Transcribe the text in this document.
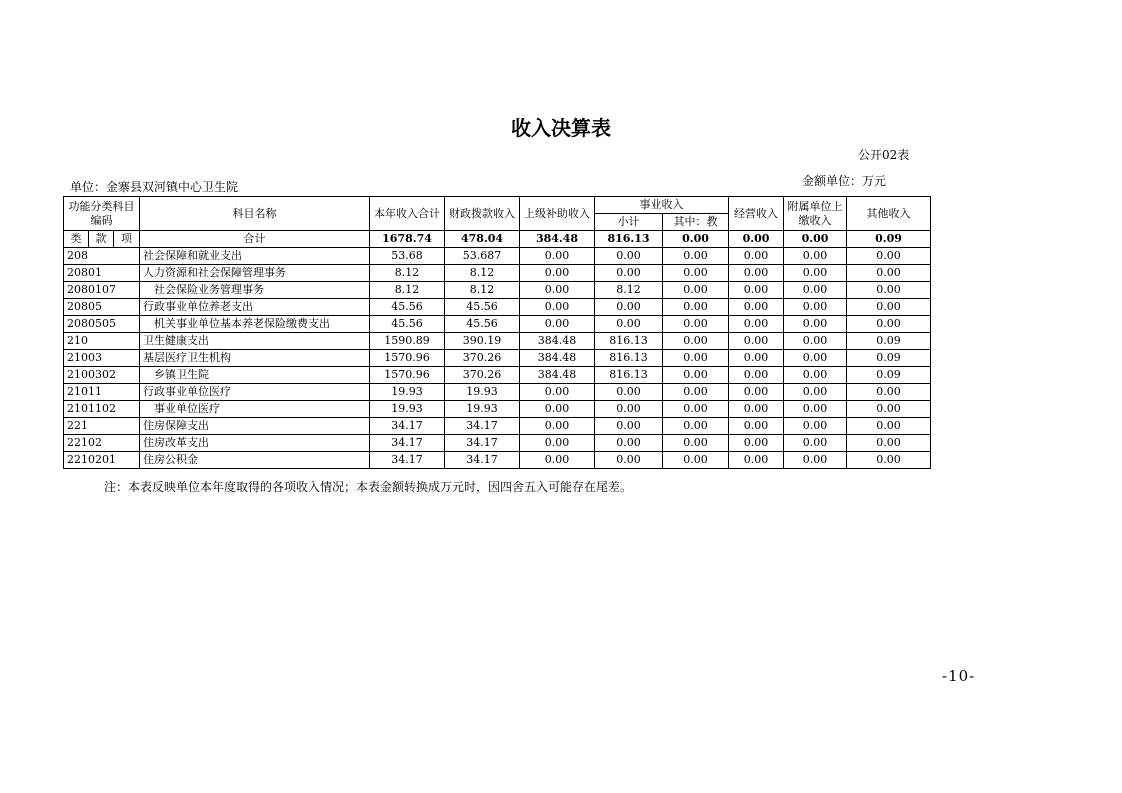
收入决算表
公开02表
金额单位：万元
单位：金寨县双河镇中心卫生院
功能分类科目编码			科目名称	本年收入合计	财政拨款收入	上级补助收入	事业收入		经营收入	附属单位上缴收入	其他收入
							小计	其中：教			
类	款	项	合计	1678.74	478.04	384.48	816.13	0.00	0.00	0.00	0.09
208			社会保障和就业支出	53.68	53.687	0.00	0.00	0.00	0.00	0.00	0.00
20801			人力资源和社会保障管理事务	8.12	8.12	0.00	0.00	0.00	0.00	0.00	0.00
2080107			社会保险业务管理事务	8.12	8.12	0.00	8.12	0.00	0.00	0.00	0.00
20805			行政事业单位养老支出	45.56	45.56	0.00	0.00	0.00	0.00	0.00	0.00
2080505			机关事业单位基本养老保险缴费支出	45.56	45.56	0.00	0.00	0.00	0.00	0.00	0.00
210			卫生健康支出	1590.89	390.19	384.48	816.13	0.00	0.00	0.00	0.09
21003			基层医疗卫生机构	1570.96	370.26	384.48	816.13	0.00	0.00	0.00	0.09
2100302			乡镇卫生院	1570.96	370.26	384.48	816.13	0.00	0.00	0.00	0.09
21011			行政事业单位医疗	19.93	19.93	0.00	0.00	0.00	0.00	0.00	0.00
2101102			事业单位医疗	19.93	19.93	0.00	0.00	0.00	0.00	0.00	0.00
221			住房保障支出	34.17	34.17	0.00	0.00	0.00	0.00	0.00	0.00
22102			住房改革支出	34.17	34.17	0.00	0.00	0.00	0.00	0.00	0.00
2210201			住房公积金	34.17	34.17	0.00	0.00	0.00	0.00	0.00	0.00
注：本表反映单位本年度取得的各项收入情况；本表金额转换成万元时，因四舍五入可能存在尾差。
-10-
